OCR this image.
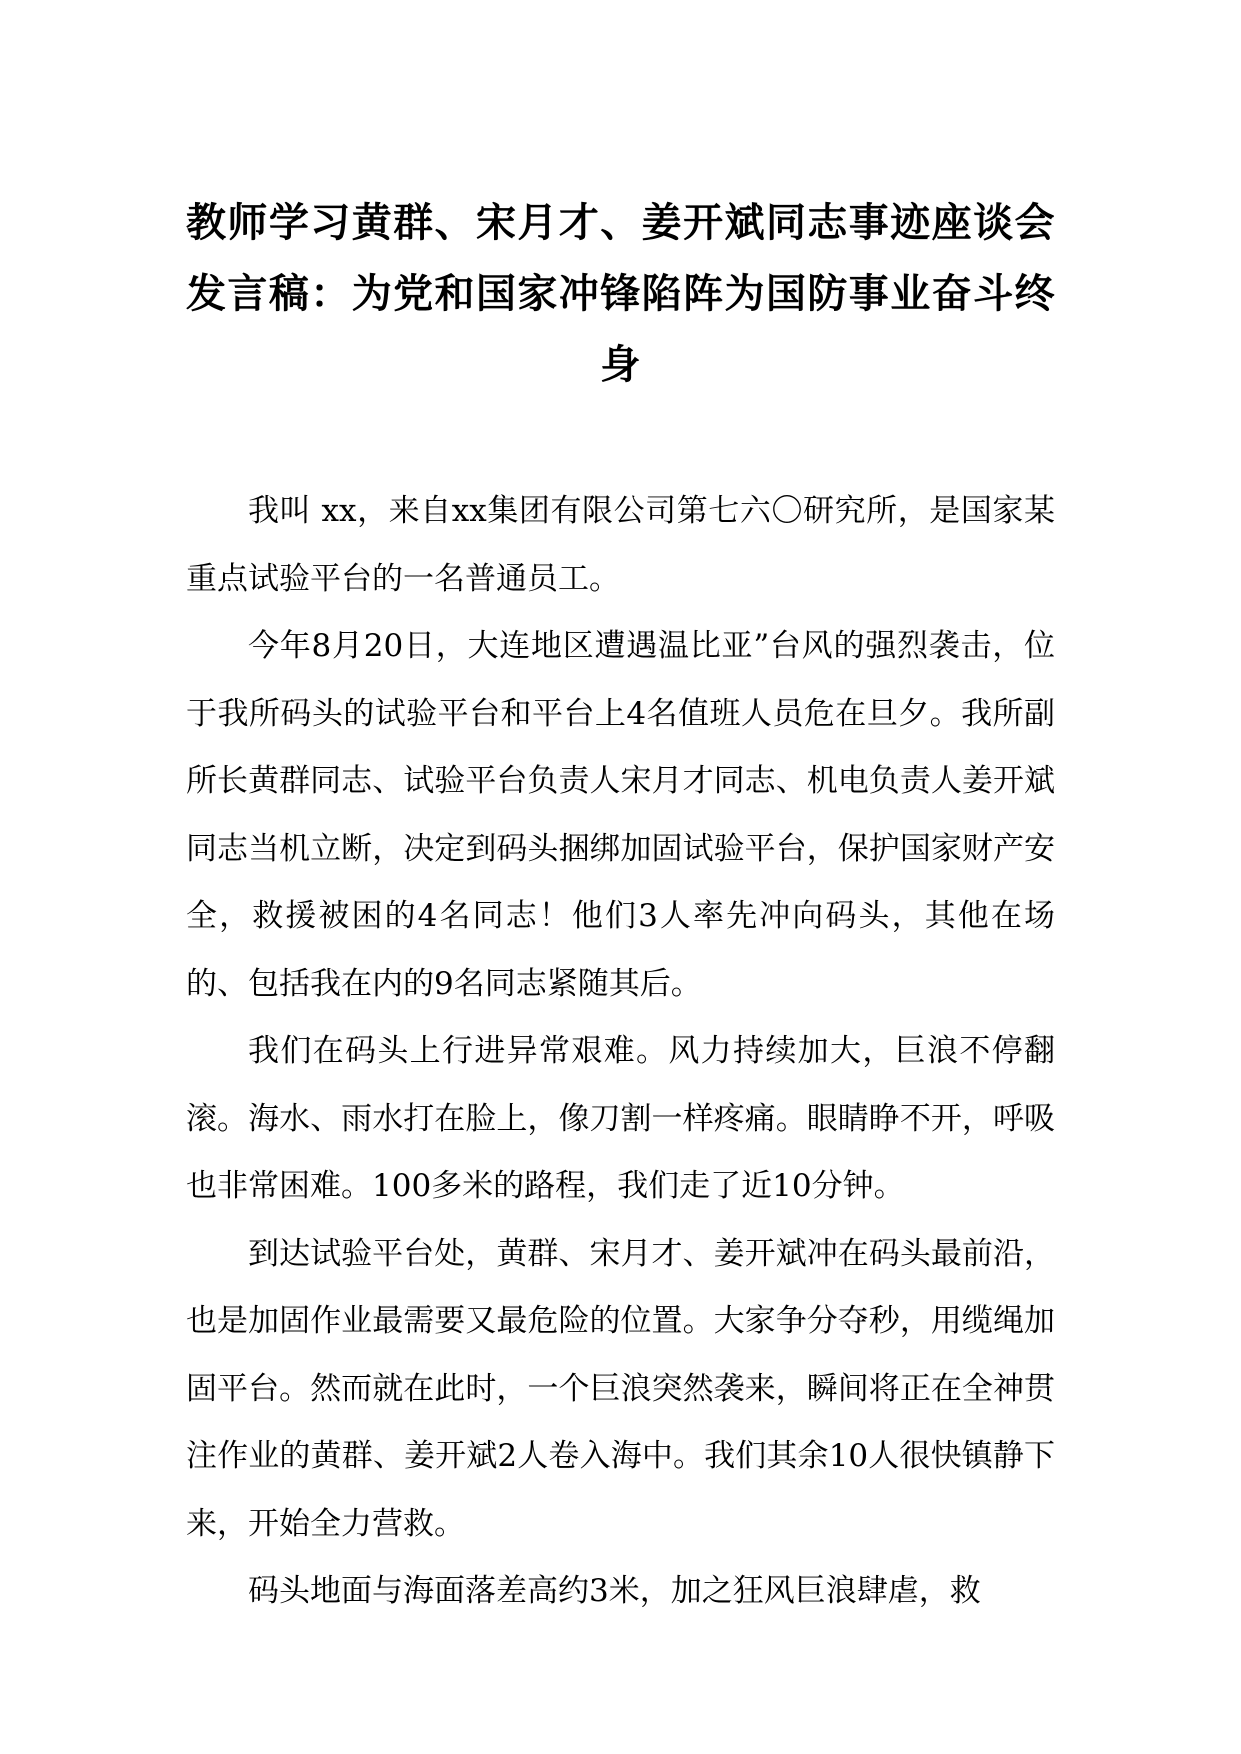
教师学习黄群、宋月才、姜开斌同志事迹座谈会发言稿：为党和国家冲锋陷阵为国防事业奋斗终身

我叫 xx，来自xx集团有限公司第七六〇研究所，是国家某重点试验平台的一名普通员工。

今年8月20日，大连地区遭遇温比亚”台风的强烈袭击，位于我所码头的试验平台和平台上4名值班人员危在旦夕。我所副所长黄群同志、试验平台负责人宋月才同志、机电负责人姜开斌同志当机立断，决定到码头捆绑加固试验平台，保护国家财产安全，救援被困的4名同志！他们3人率先冲向码头，其他在场的、包括我在内的9名同志紧随其后。

我们在码头上行进异常艰难。风力持续加大，巨浪不停翻滚。海水、雨水打在脸上，像刀割一样疼痛。眼睛睁不开，呼吸也非常困难。100多米的路程，我们走了近10分钟。

到达试验平台处，黄群、宋月才、姜开斌冲在码头最前沿，也是加固作业最需要又最危险的位置。大家争分夺秒，用缆绳加固平台。然而就在此时，一个巨浪突然袭来，瞬间将正在全神贯注作业的黄群、姜开斌2人卷入海中。我们其余10人很快镇静下来，开始全力营救。

码头地面与海面落差高约3米，加之狂风巨浪肆虐，救
